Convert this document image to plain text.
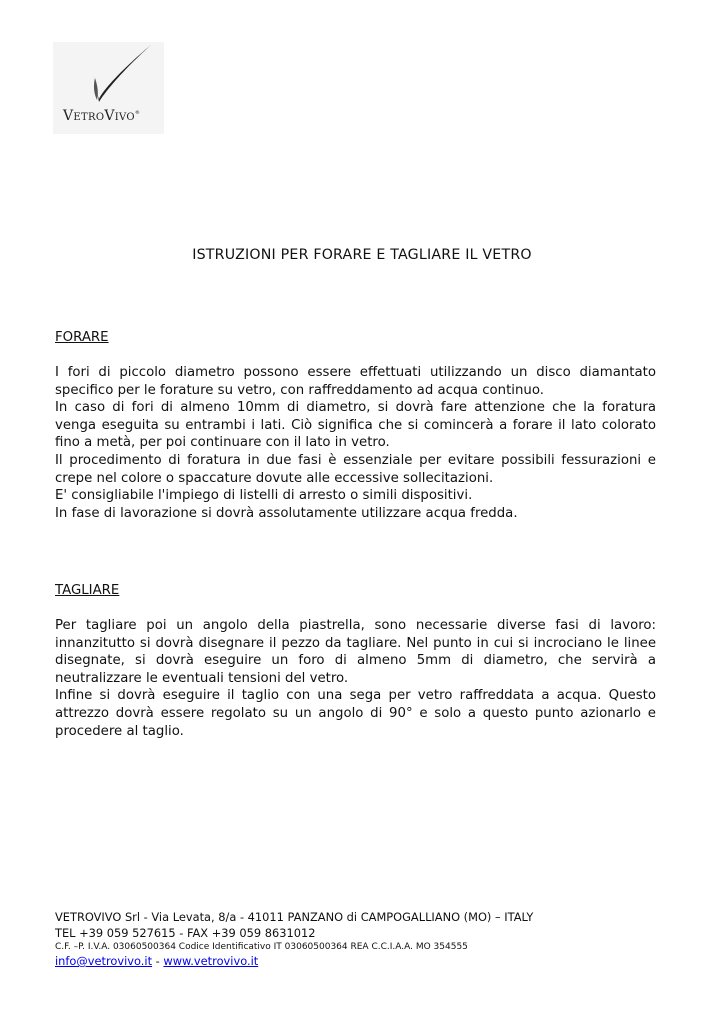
VETROVIVO®
ISTRUZIONI PER FORARE E TAGLIARE IL VETRO
FORARE

I fori di piccolo diametro possono essere effettuati utilizzando un disco diamantato specifico per le forature su vetro, con raffreddamento ad acqua continuo.

In caso di fori di almeno 10mm di diametro, si dovrà fare attenzione che la foratura venga eseguita su entrambi i lati. Ciò significa che si comincerà a forare il lato colorato fino a metà, per poi continuare con il lato in vetro.

Il procedimento di foratura in due fasi è essenziale per evitare possibili fessurazioni e crepe nel colore o spaccature dovute alle eccessive sollecitazioni.

E' consigliabile l'impiego di listelli di arresto o simili dispositivi.

In fase di lavorazione si dovrà assolutamente utilizzare acqua fredda.

TAGLIARE

Per tagliare poi un angolo della piastrella, sono necessarie diverse fasi di lavoro: innanzitutto si dovrà disegnare il pezzo da tagliare. Nel punto in cui si incrociano le linee disegnate, si dovrà eseguire un foro di almeno 5mm di diametro, che servirà a neutralizzare le eventuali tensioni del vetro.

Infine si dovrà eseguire il taglio con una sega per vetro raffreddata a acqua. Questo attrezzo dovrà essere regolato su un angolo di 90° e solo a questo punto azionarlo e procedere al taglio.

VETROVIVO Srl - Via Levata, 8/a - 41011 PANZANO di CAMPOGALLIANO (MO) – ITALY
TEL +39 059 527615 - FAX +39 059 8631012
C.F. –P. I.V.A. 03060500364 Codice Identificativo IT 03060500364 REA C.C.I.A.A. MO 354555
info@vetrovivo.it - www.vetrovivo.it
